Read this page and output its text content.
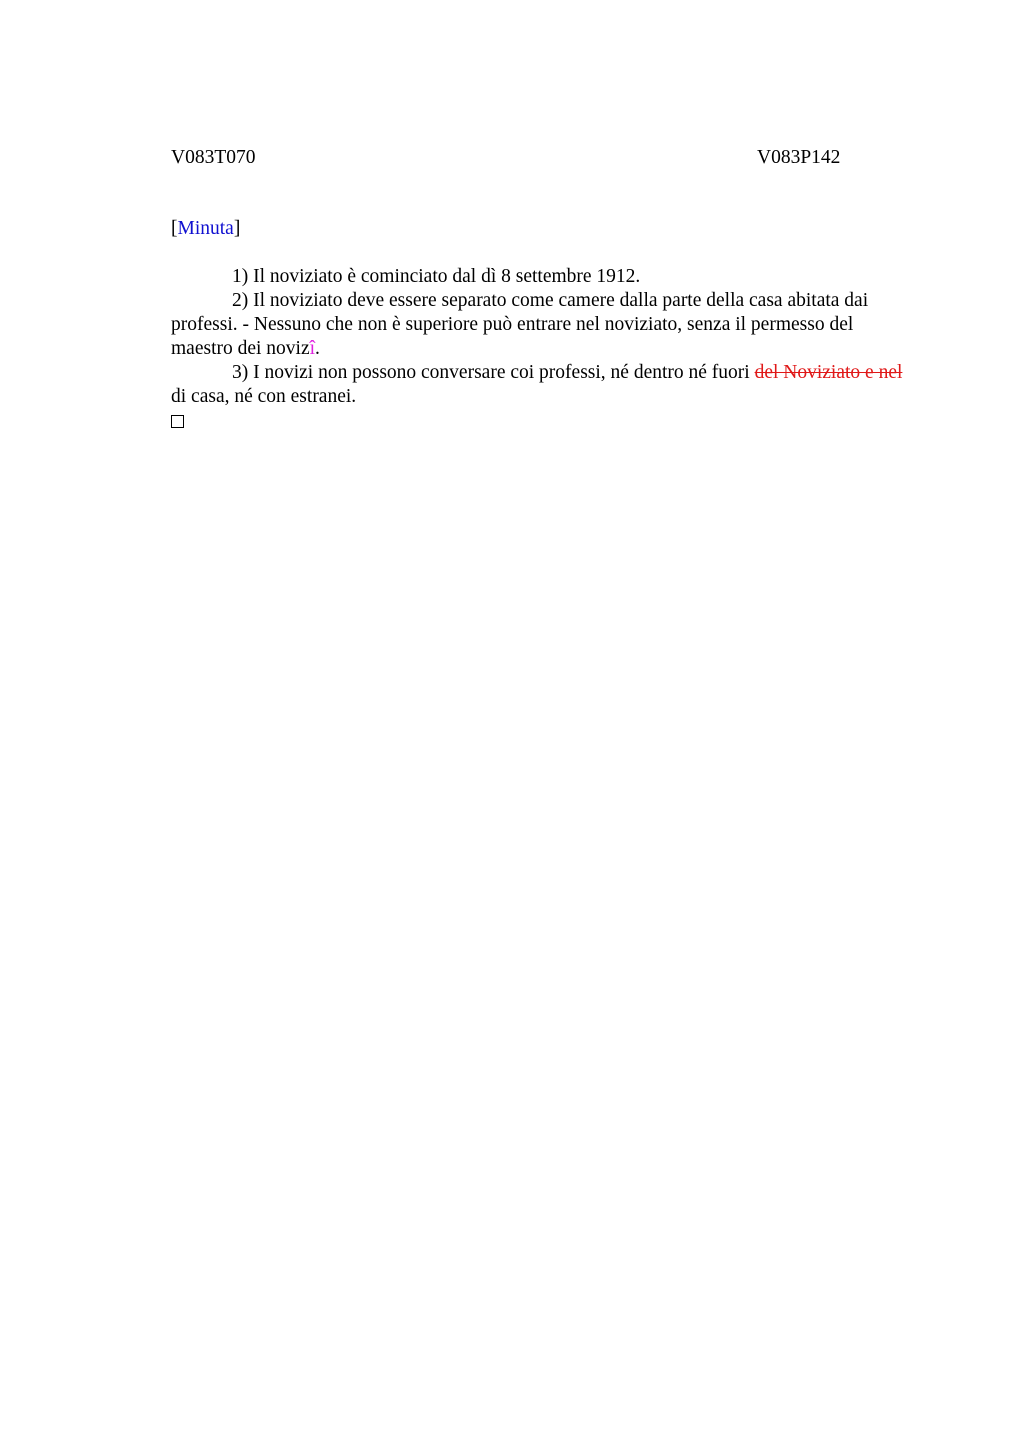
V083T070	V083P142
[Minuta]

1) Il noviziato è cominciato dal dì 8 settembre 1912.

2) Il noviziato deve essere separato come camere dalla parte della casa abitata dai professi. - Nessuno che non è superiore può entrare nel noviziato, senza il permesso del maestro dei novizî.

3) I novizi non possono conversare coi professi, né dentro né fuori del Noviziato e nel di casa, né con estranei.
